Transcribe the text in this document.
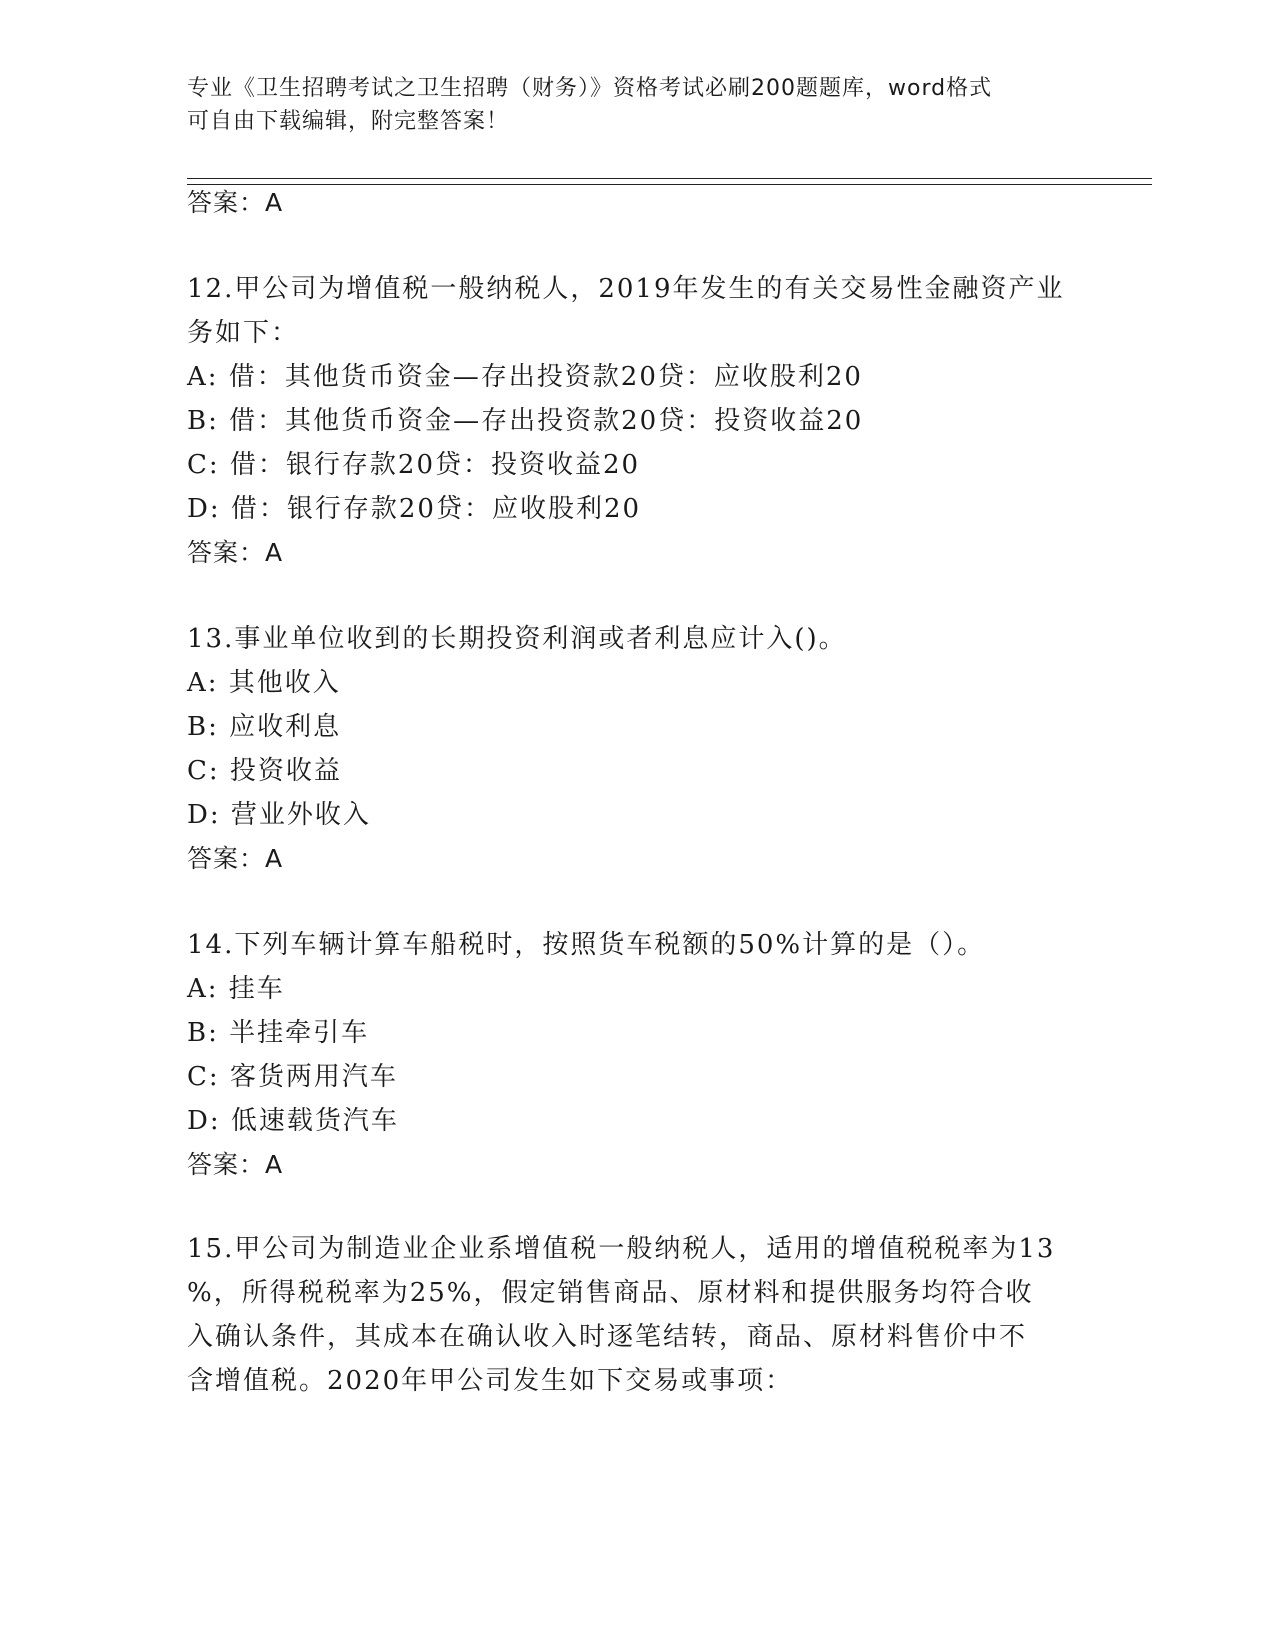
专业《卫生招聘考试之卫生招聘（财务）》资格考试必刷200题题库，word格式
可自由下载编辑，附完整答案！
答案：A
12.甲公司为增值税一般纳税人，2019年发生的有关交易性金融资产业
务如下：
A: 借：其他货币资金—存出投资款20贷：应收股利20
B: 借：其他货币资金—存出投资款20贷：投资收益20
C: 借：银行存款20贷：投资收益20
D: 借：银行存款20贷：应收股利20
答案：A
13.事业单位收到的长期投资利润或者利息应计入()。
A: 其他收入
B: 应收利息
C: 投资收益
D: 营业外收入
答案：A
14.下列车辆计算车船税时，按照货车税额的50%计算的是（）。
A: 挂车
B: 半挂牵引车
C: 客货两用汽车
D: 低速载货汽车
答案：A
15.甲公司为制造业企业系增值税一般纳税人，适用的增值税税率为13
%，所得税税率为25%，假定销售商品、原材料和提供服务均符合收
入确认条件，其成本在确认收入时逐笔结转，商品、原材料售价中不
含增值税。2020年甲公司发生如下交易或事项：
